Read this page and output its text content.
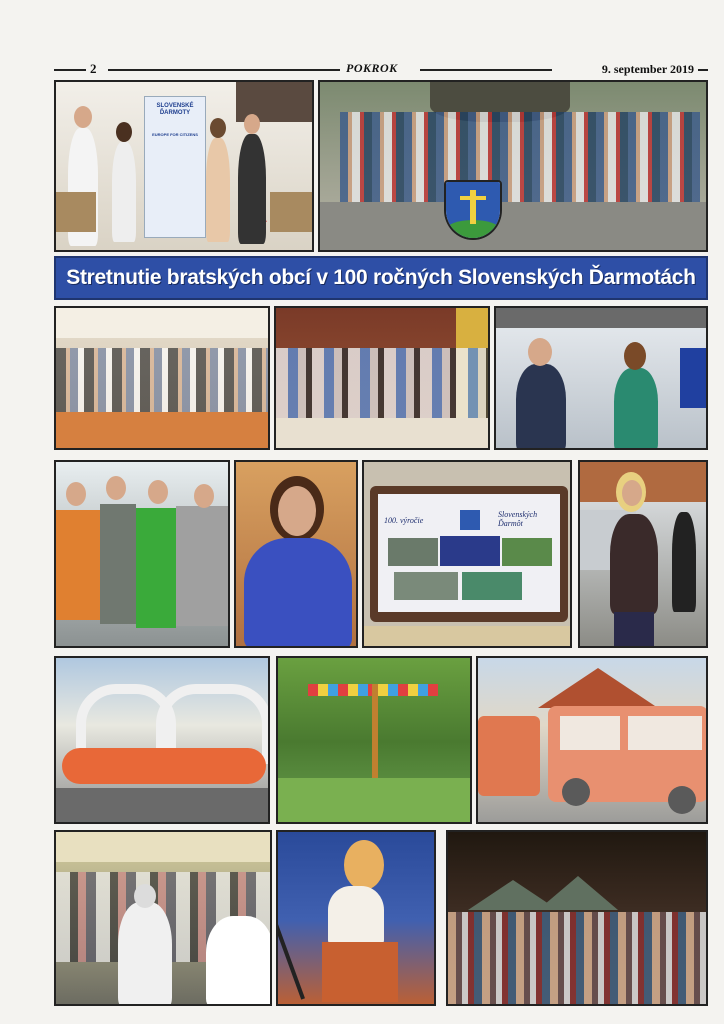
2	POKROK	9. september 2019
SLOVENSKÉ
ĎARMOTY
EUROPE FOR CITIZENS
Stretnutie bratských obcí v 100 ročných Slovenských Ďarmotách
100. výročie
Slovenských Ďarmôt
